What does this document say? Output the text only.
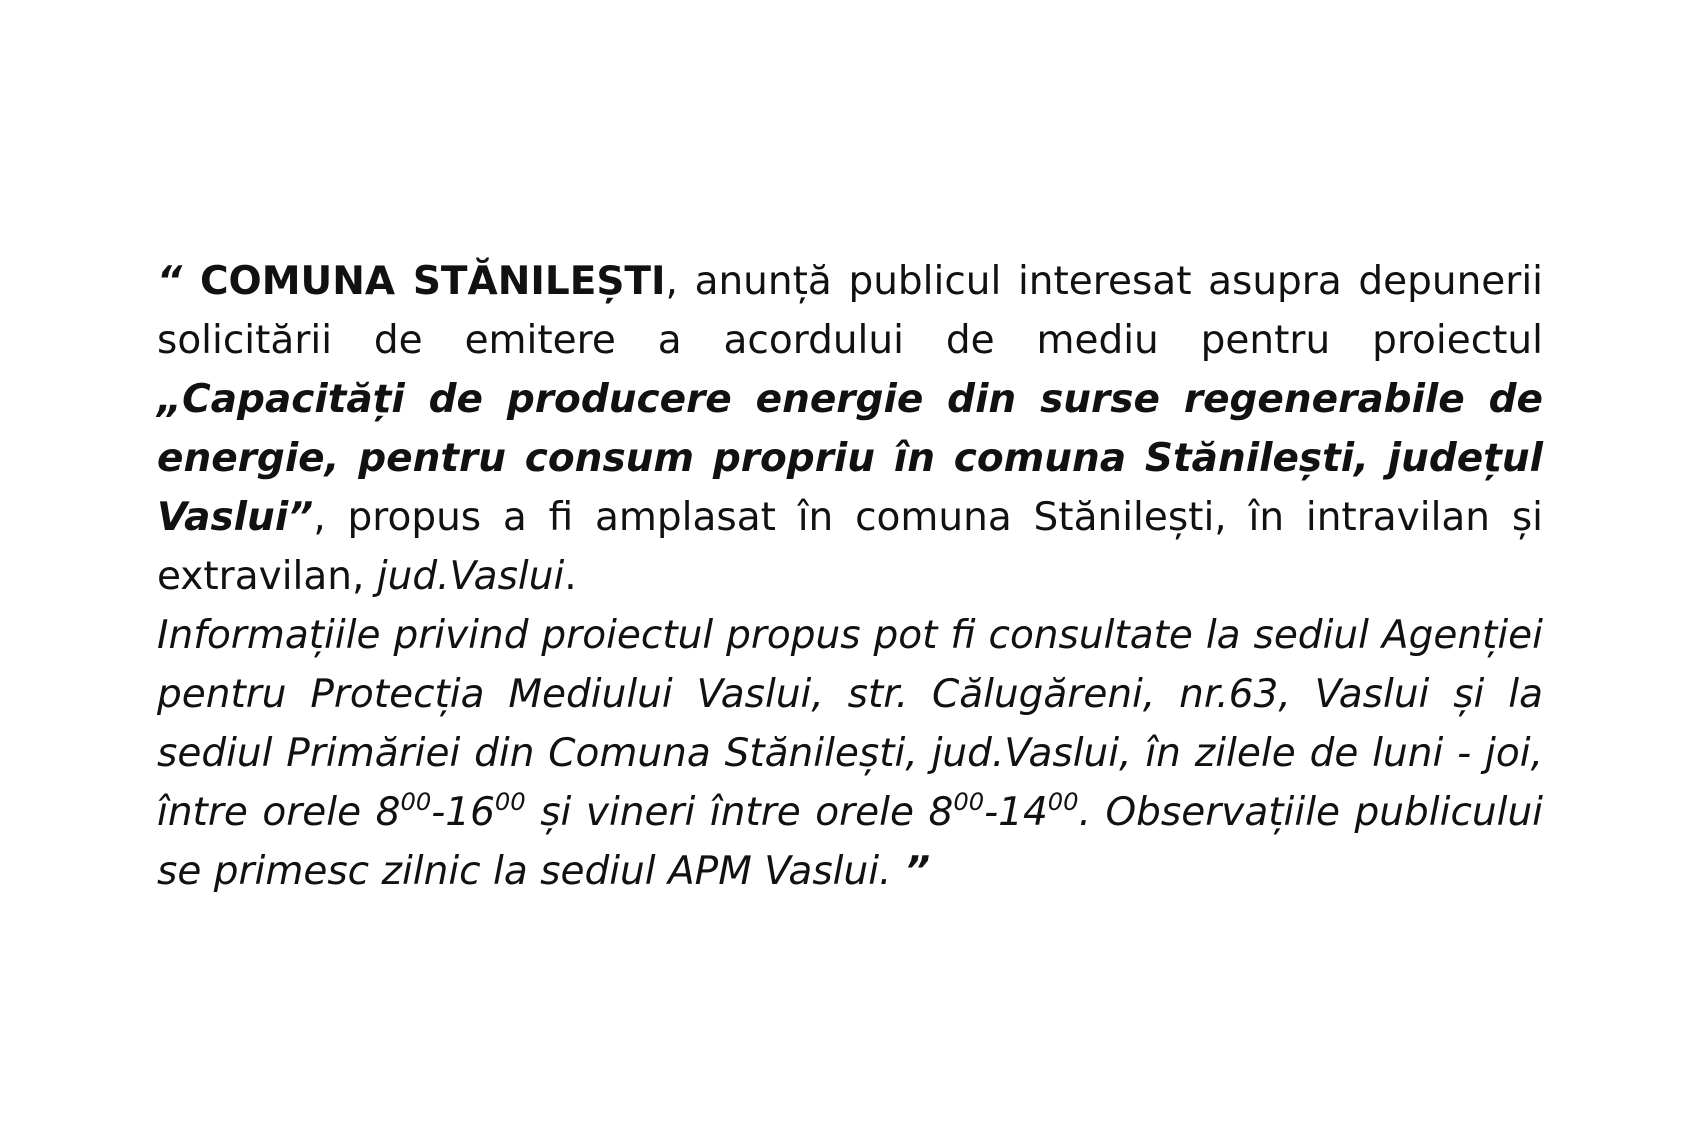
“ COMUNA STĂNILEȘTI, anunță publicul interesat asupra depunerii solicitării de emitere a acordului de mediu pentru proiectul „Capacități de producere energie din surse regenerabile de energie, pentru consum propriu în comuna Stănilești, județul Vaslui”, propus a fi amplasat în comuna Stănilești, în intravilan și extravilan, jud.Vaslui.

Informațiile privind proiectul propus pot fi consultate la sediul Agenției pentru Protecția Mediului Vaslui, str. Călugăreni, nr.63, Vaslui și la sediul Primăriei din Comuna Stănilești, jud.Vaslui, în zilele de luni - joi, între orele $8^{00}-16^{00}$ și vineri între orele $8^{00}-14^{00}$. Observațiile publicului se primesc zilnic la sediul APM Vaslui. ”
